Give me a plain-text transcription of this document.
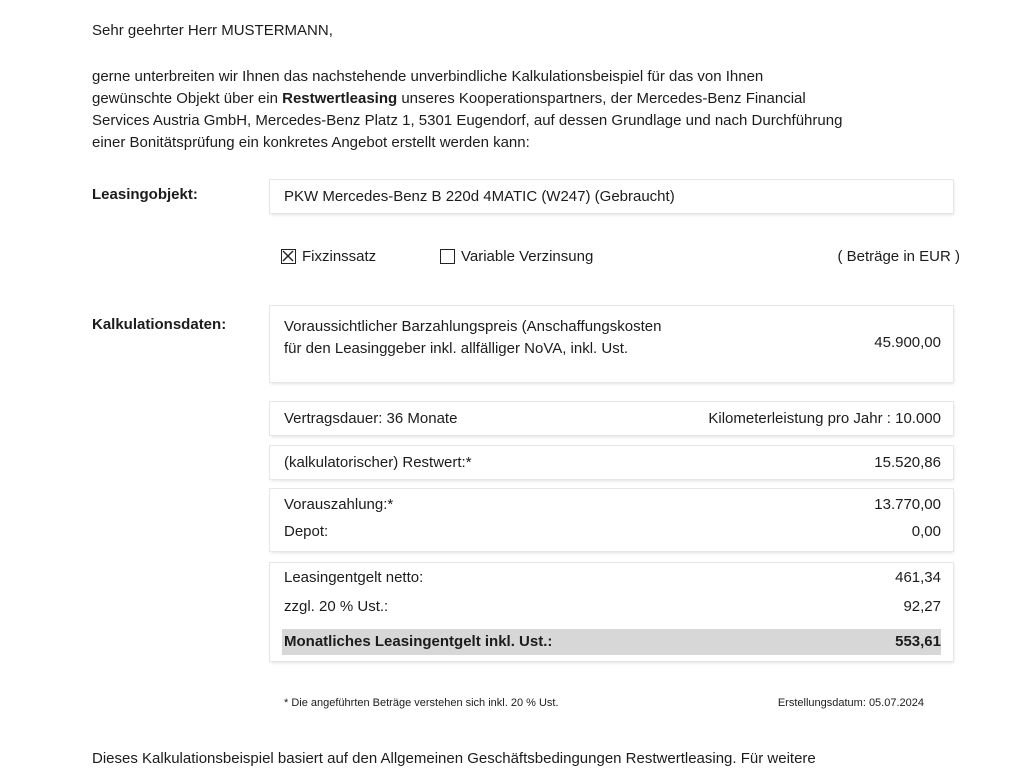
Sehr geehrter Herr MUSTERMANN,

gerne unterbreiten wir Ihnen das nachstehende unverbindliche Kalkulationsbeispiel für das von Ihnen

gewünschte Objekt über ein Restwertleasing unseres Kooperationspartners, der Mercedes-Benz Financial

Services Austria GmbH, Mercedes-Benz Platz 1, 5301 Eugendorf, auf dessen Grundlage und nach Durchführung

einer Bonitätsprüfung ein konkretes Angebot erstellt werden kann:

Leasingobjekt:	PKW Mercedes-Benz B 220d 4MATIC (W247) (Gebraucht)
Fixzinssatz	Variable Verzinsung	( Beträge in EUR )
Kalkulationsdaten:	Voraussichtlicher Barzahlungspreis (Anschaffungskosten
für den Leasinggeber inkl. allfälliger NoVA, inkl. Ust.	45.900,00
Vertragsdauer: 36 Monate	Kilometerleistung pro Jahr : 10.000
(kalkulatorischer) Restwert:*	15.520,86
Vorauszahlung:*	13.770,00
Depot:	0,00
Leasingentgelt netto:	461,34
zzgl. 20 % Ust.:	92,27
Monatliches Leasingentgelt inkl. Ust.:	553,61
* Die angeführten Beträge verstehen sich inkl. 20 % Ust.	Erstellungsdatum: 05.07.2024
Dieses Kalkulationsbeispiel basiert auf den Allgemeinen Geschäftsbedingungen Restwertleasing. Für weitere
